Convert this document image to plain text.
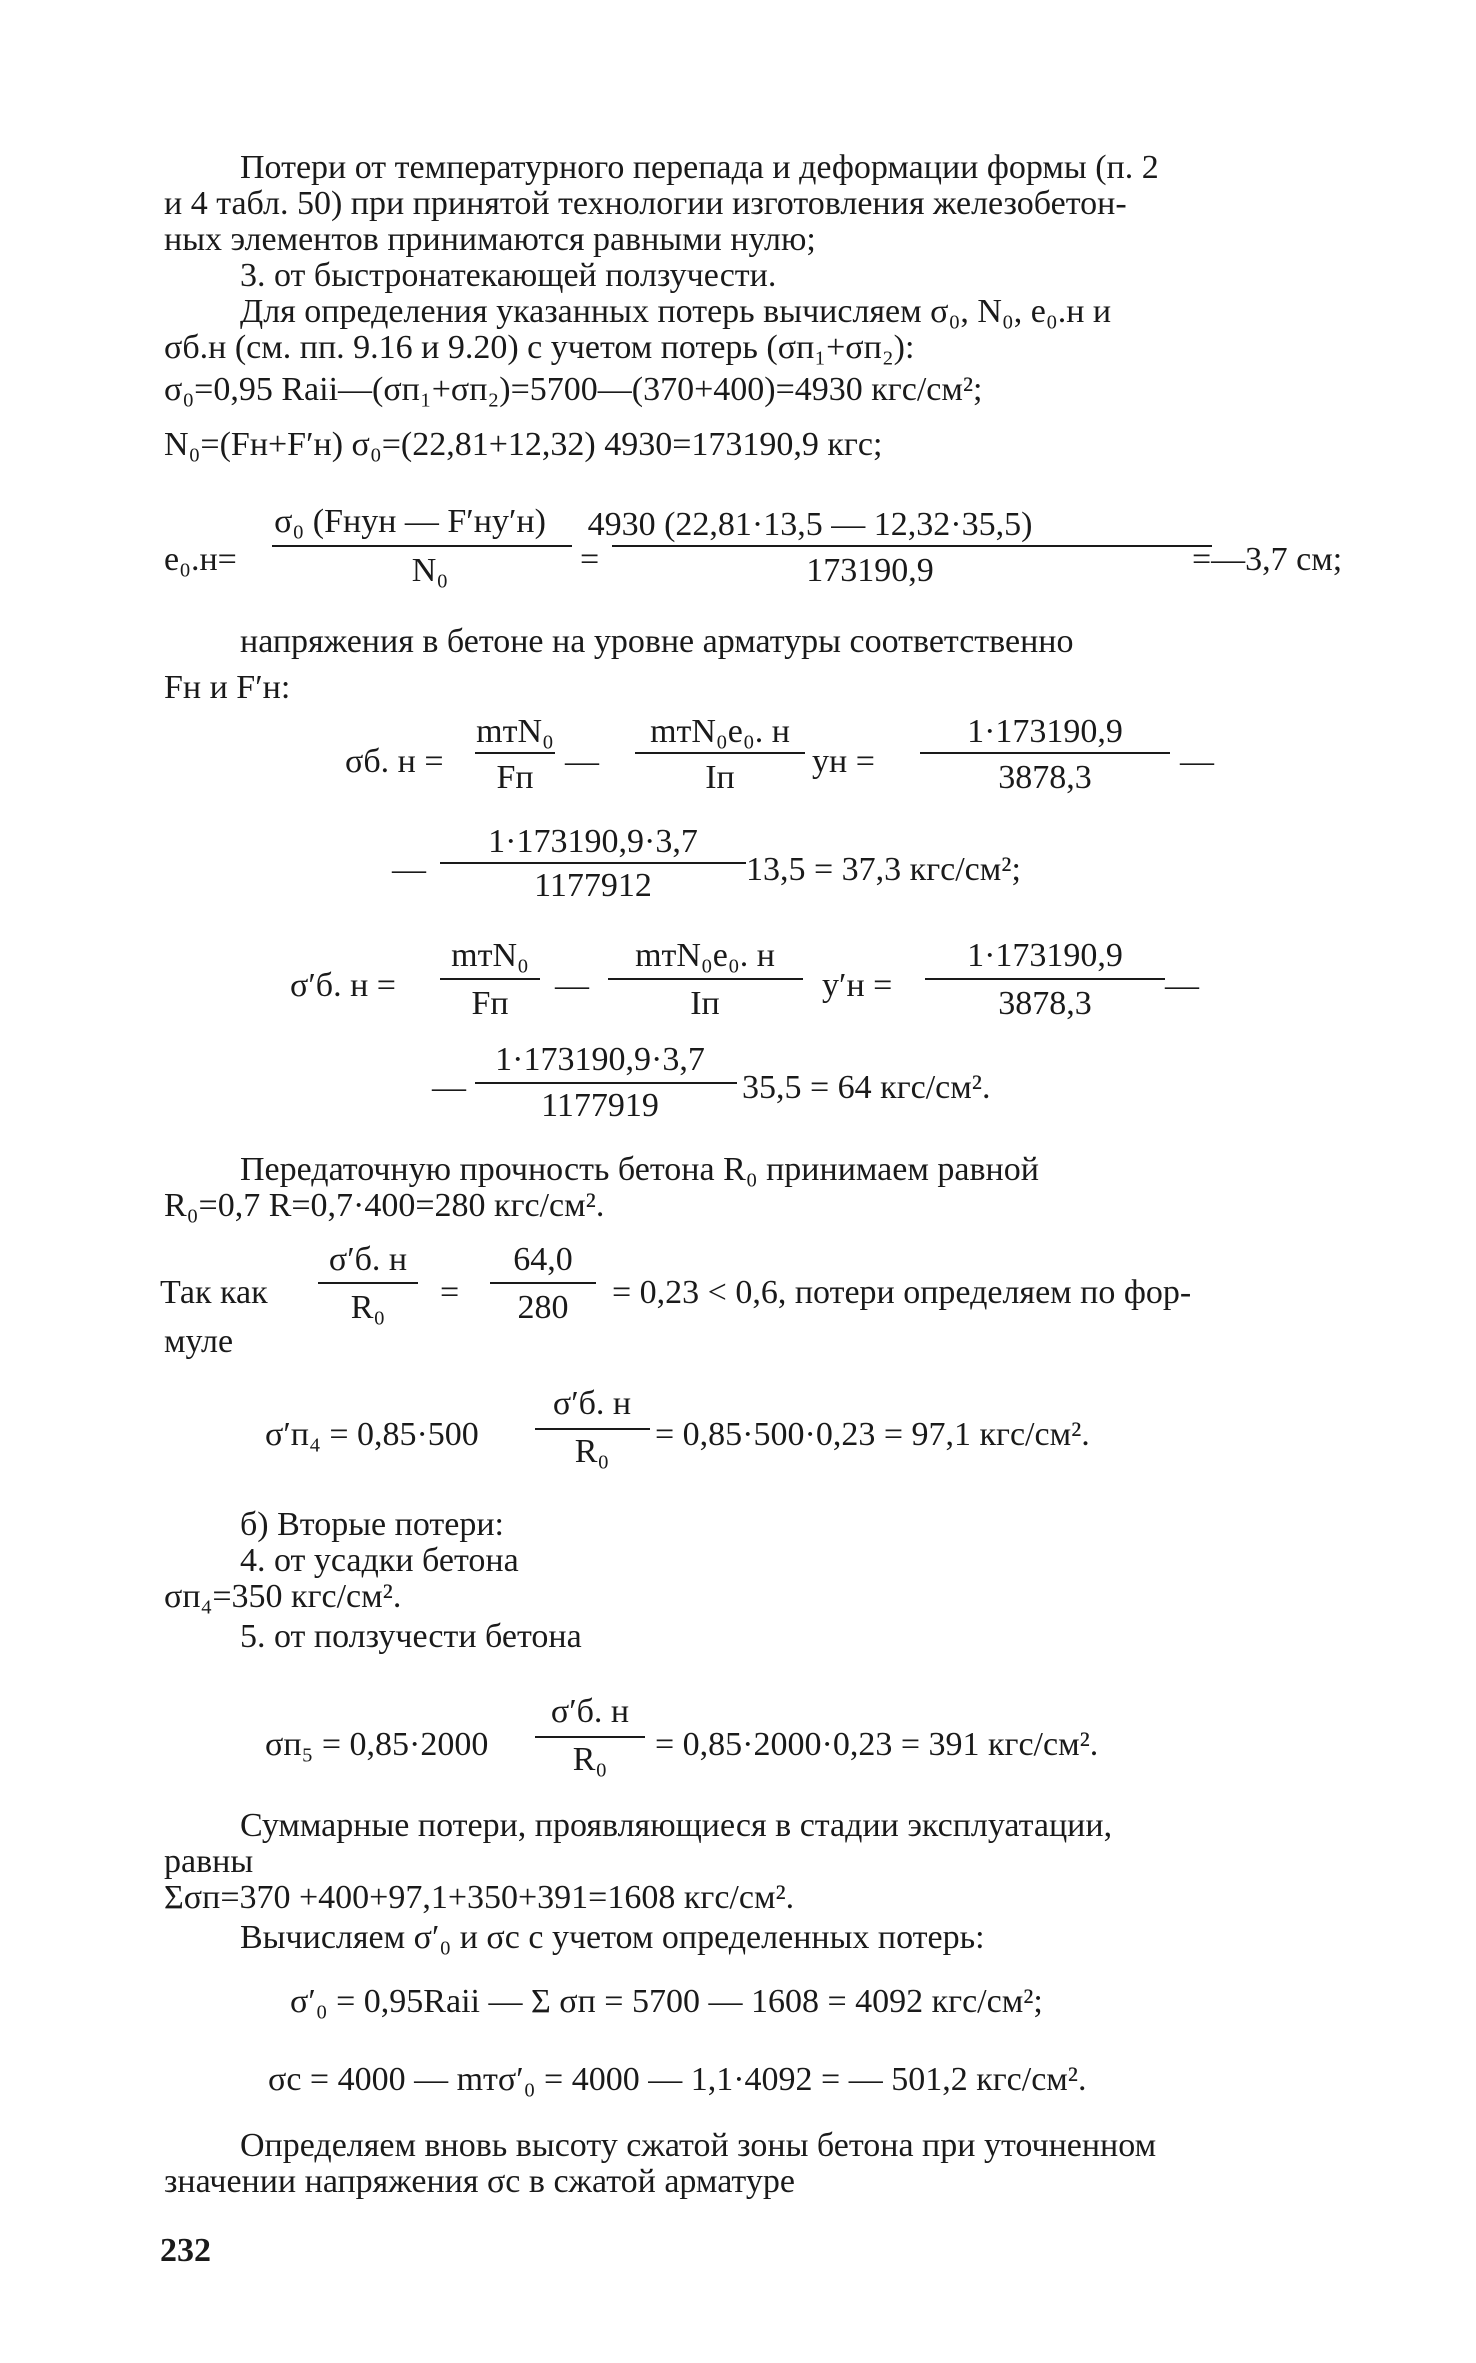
Потери от температурного перепада и деформации формы (п. 2
и 4 табл. 50) при принятой технологии изготовления железобетон-
ных элементов принимаются равными нулю;
3. от быстронатекающей ползучести.
Для определения указанных потерь вычисляем σ₀, N₀, e₀.н и
σб.н (см. пп. 9.16 и 9.20) с учетом потерь (σп₁+σп₂):
σ₀=0,95 Rаii—(σп₁+σп₂)=5700—(370+400)=4930 кгс/см²;
N₀=(Fн+F′н) σ₀=(22,81+12,32) 4930=173190,9 кгс;
e₀.н=
σ₀ (Fнyн — F′нy′н)
N₀	=
4930 (22,81·13,5 — 12,32·35,5)
173190,9	=—3,7 см;
напряжения в бетоне на уровне арматуры соответственно
Fн и F′н:
σб. н =
mтN₀
Fп —
mтN₀e₀. н
Iп yн =
1·173190,9
3878,3	—
—
1·173190,9·3,7
1177912	13,5 = 37,3 кгс/см²;
σ′б. н =
mтN₀
Fп —
mтN₀e₀. н
Iп	y′н =
1·173190,9
3878,3 —
—
1·173190,9·3,7
1177919 35,5 = 64 кгс/см².
Передаточную прочность бетона R₀ принимаем равной
R₀=0,7 R=0,7·400=280 кгс/см².
Так как
σ′б. н
R₀ =
64,0
280 = 0,23 < 0,6, потери определяем по фор-
муле
σ′п₄ = 0,85·500
σ′б. н
R₀ = 0,85·500·0,23 = 97,1 кгс/см².
б) Вторые потери:
4. от усадки бетона
σп₄=350 кгс/см².
5. от ползучести бетона
σп₅ = 0,85·2000
σ′б. н
R₀ = 0,85·2000·0,23 = 391 кгс/см².
Суммарные потери, проявляющиеся в стадии эксплуатации,
равны
Σσп=370 +400+97,1+350+391=1608 кгс/см².
Вычисляем σ′₀ и σс с учетом определенных потерь:
σ′₀ = 0,95Raii — Σ σп = 5700 — 1608 = 4092 кгс/см²;
σс = 4000 — mтσ′₀ = 4000 — 1,1·4092 = — 501,2 кгс/см².
Определяем вновь высоту сжатой зоны бетона при уточненном
значении напряжения σс в сжатой арматуре
232
